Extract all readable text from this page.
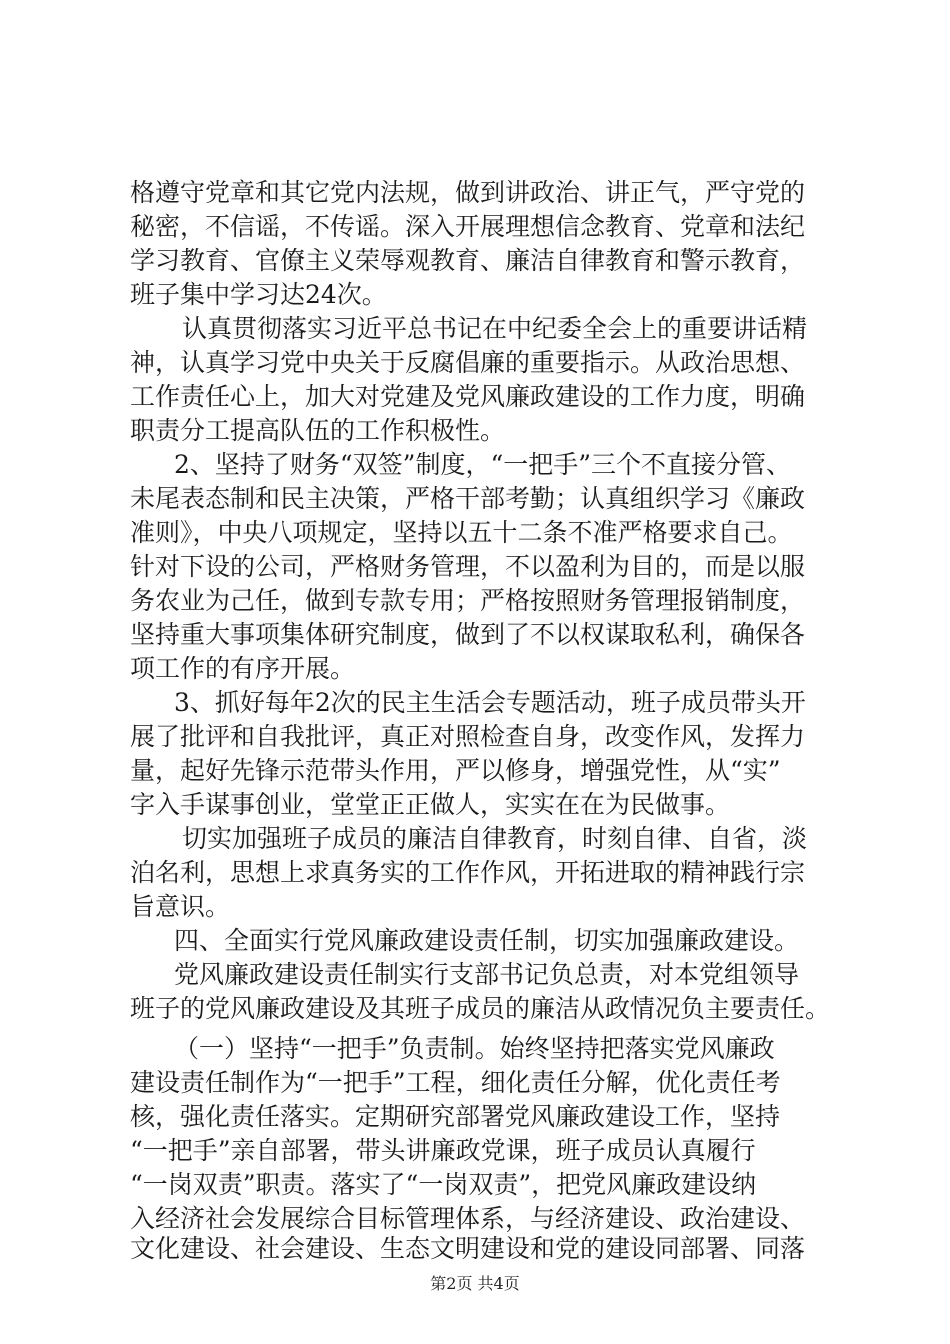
格遵守党章和其它党内法规，做到讲政治、讲正气，严守党的
秘密，不信谣，不传谣。深入开展理想信念教育、党章和法纪
学习教育、官僚主义荣辱观教育、廉洁自律教育和警示教育，
班子集中学习达24次。
认真贯彻落实习近平总书记在中纪委全会上的重要讲话精
神，认真学习党中央关于反腐倡廉的重要指示。从政治思想、
工作责任心上，加大对党建及党风廉政建设的工作力度，明确
职责分工提高队伍的工作积极性。
2、坚持了财务“双签”制度，“一把手”三个不直接分管、
未尾表态制和民主决策，严格干部考勤；认真组织学习《廉政
准则》，中央八项规定，坚持以五十二条不准严格要求自己。
针对下设的公司，严格财务管理，不以盈利为目的，而是以服
务农业为己任，做到专款专用；严格按照财务管理报销制度，
坚持重大事项集体研究制度，做到了不以权谋取私利，确保各
项工作的有序开展。
3、抓好每年2次的民主生活会专题活动，班子成员带头开
展了批评和自我批评，真正对照检查自身，改变作风，发挥力
量，起好先锋示范带头作用，严以修身，增强党性，从“实”
字入手谋事创业，堂堂正正做人，实实在在为民做事。
切实加强班子成员的廉洁自律教育，时刻自律、自省，淡
泊名利，思想上求真务实的工作作风，开拓进取的精神践行宗
旨意识。
四、全面实行党风廉政建设责任制，切实加强廉政建设。
党风廉政建设责任制实行支部书记负总责，对本党组领导
班子的党风廉政建设及其班子成员的廉洁从政情况负主要责任。
（一）坚持“一把手”负责制。始终坚持把落实党风廉政
建设责任制作为“一把手”工程，细化责任分解，优化责任考
核，强化责任落实。定期研究部署党风廉政建设工作，坚持
“一把手”亲自部署，带头讲廉政党课，班子成员认真履行
“一岗双责”职责。落实了“一岗双责”，把党风廉政建设纳
入经济社会发展综合目标管理体系，与经济建设、政治建设、
文化建设、社会建设、生态文明建设和党的建设同部署、同落
第2页 共4页
